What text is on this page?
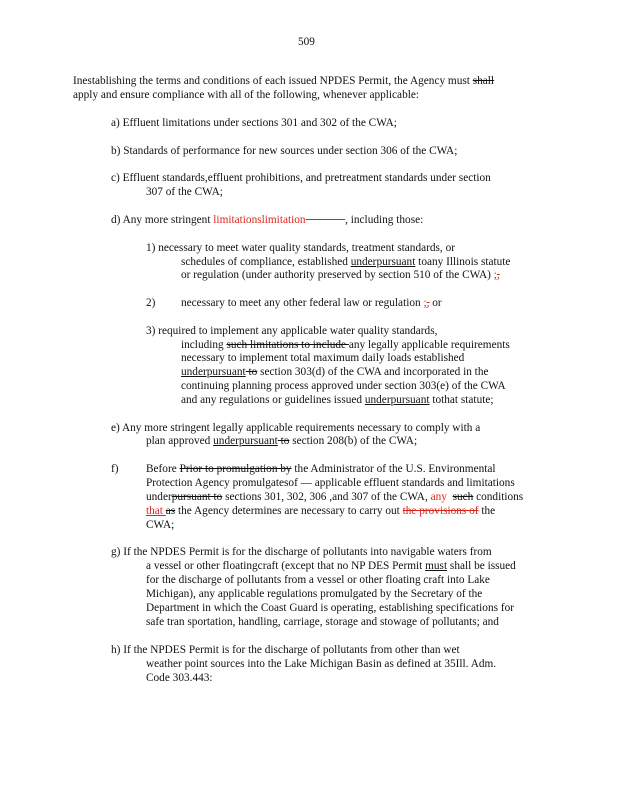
509
Inestablishing the terms and conditions of each issued NPDES Permit, the Agency must shall
apply and ensure compliance with all of the following, whenever applicable:
a) Effluent limitations under sections 301 and 302 of the CWA;
b) Standards of performance for new sources under section 306 of the CWA;
c) Effluent standards,effluent prohibitions, and pretreatment standards under section
307 of the CWA;
d) Any more stringent limitationslimitation	, including those:
1) necessary to meet water quality standards, treatment standards, or
schedules of compliance, established underpursuant toany Illinois statute
or regulation (under authority preserved by section 510 of the CWA) ;,
2) necessary to meet any other federal law or regulation ;, or
3) required to implement any applicable water quality standards,
including such limitations to include any legally applicable requirements
necessary to implement total maximum daily loads established
underpursuant to section 303(d) of the CWA and incorporated in the
continuing planning process approved under section 303(e) of the CWA
and any regulations or guidelines issued underpursuant tothat statute;
e) Any more stringent legally applicable requirements necessary to comply with a
plan approved underpursuant to section 208(b) of the CWA;
f) Before Prior to promulgation by the Administrator of the U.S. Environmental
Protection Agency promulgatesof — applicable effluent standards and limitations
underpursuant to sections 301, 302, 306 ,and 307 of the CWA, any such conditions
that as the Agency determines are necessary to carry out the provisions of the
CWA;
g) If the NPDES Permit is for the discharge of pollutants into navigable waters from
a vessel or other floatingcraft (except that no NP DES Permit must shall be issued
for the discharge of pollutants from a vessel or other floating craft into Lake
Michigan), any applicable regulations promulgated by the Secretary of the
Department in which the Coast Guard is operating, establishing specifications for
safe tran sportation, handling, carriage, storage and stowage of pollutants; and
h) If the NPDES Permit is for the discharge of pollutants from other than wet
weather point sources into the Lake Michigan Basin as defined at 35Ill. Adm.
Code 303.443:
